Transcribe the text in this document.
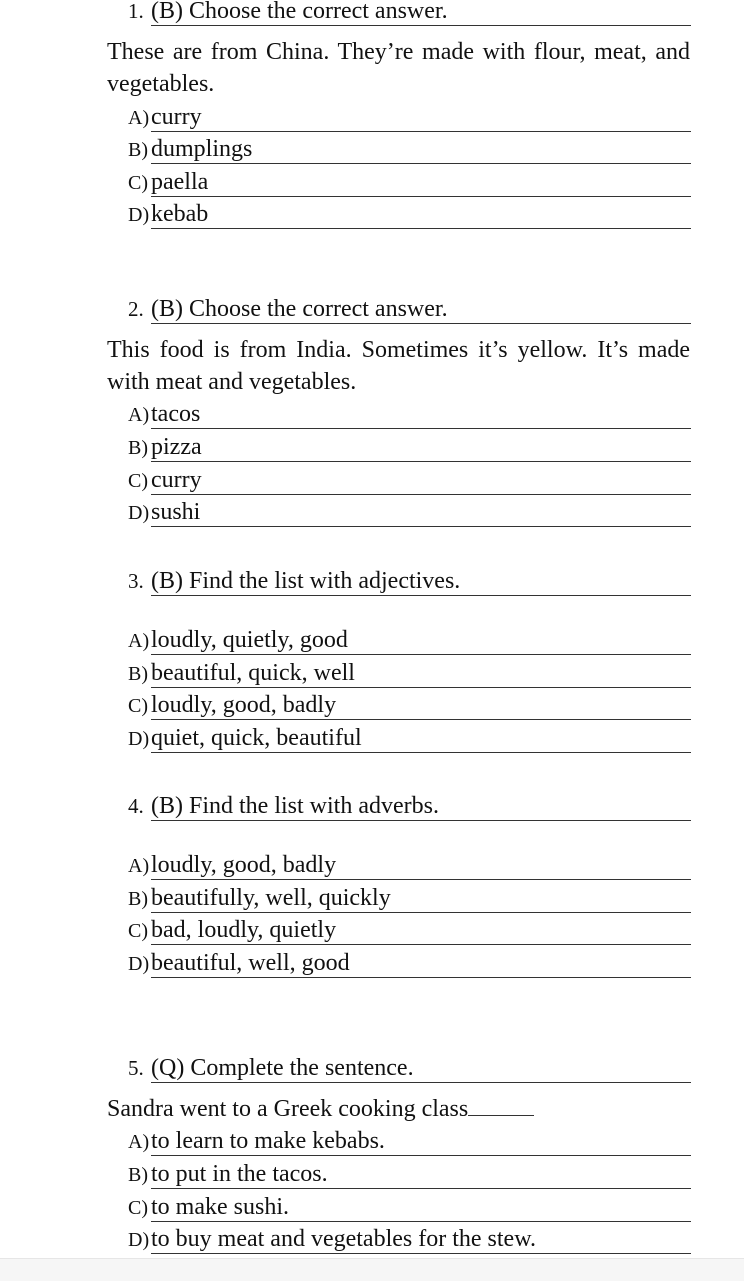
1. (B) Choose the correct answer.
These are from China. They’re made with flour, meat, and vegetables.
A) curry
B) dumplings
C) paella
D) kebab
2. (B) Choose the correct answer.
This food is from India. Sometimes it’s yellow. It’s made with meat and vegetables.
A) tacos
B) pizza
C) curry
D) sushi
3. (B) Find the list with adjectives.
A) loudly, quietly, good
B) beautiful, quick, well
C) loudly, good, badly
D) quiet, quick, beautiful
4. (B) Find the list with adverbs.
A) loudly, good, badly
B) beautifully, well, quickly
C) bad, loudly, quietly
D) beautiful, well, good
5. (Q) Complete the sentence.
Sandra went to a Greek cooking class
A) to learn to make kebabs.
B) to put in the tacos.
C) to make sushi.
D) to buy meat and vegetables for the stew.
